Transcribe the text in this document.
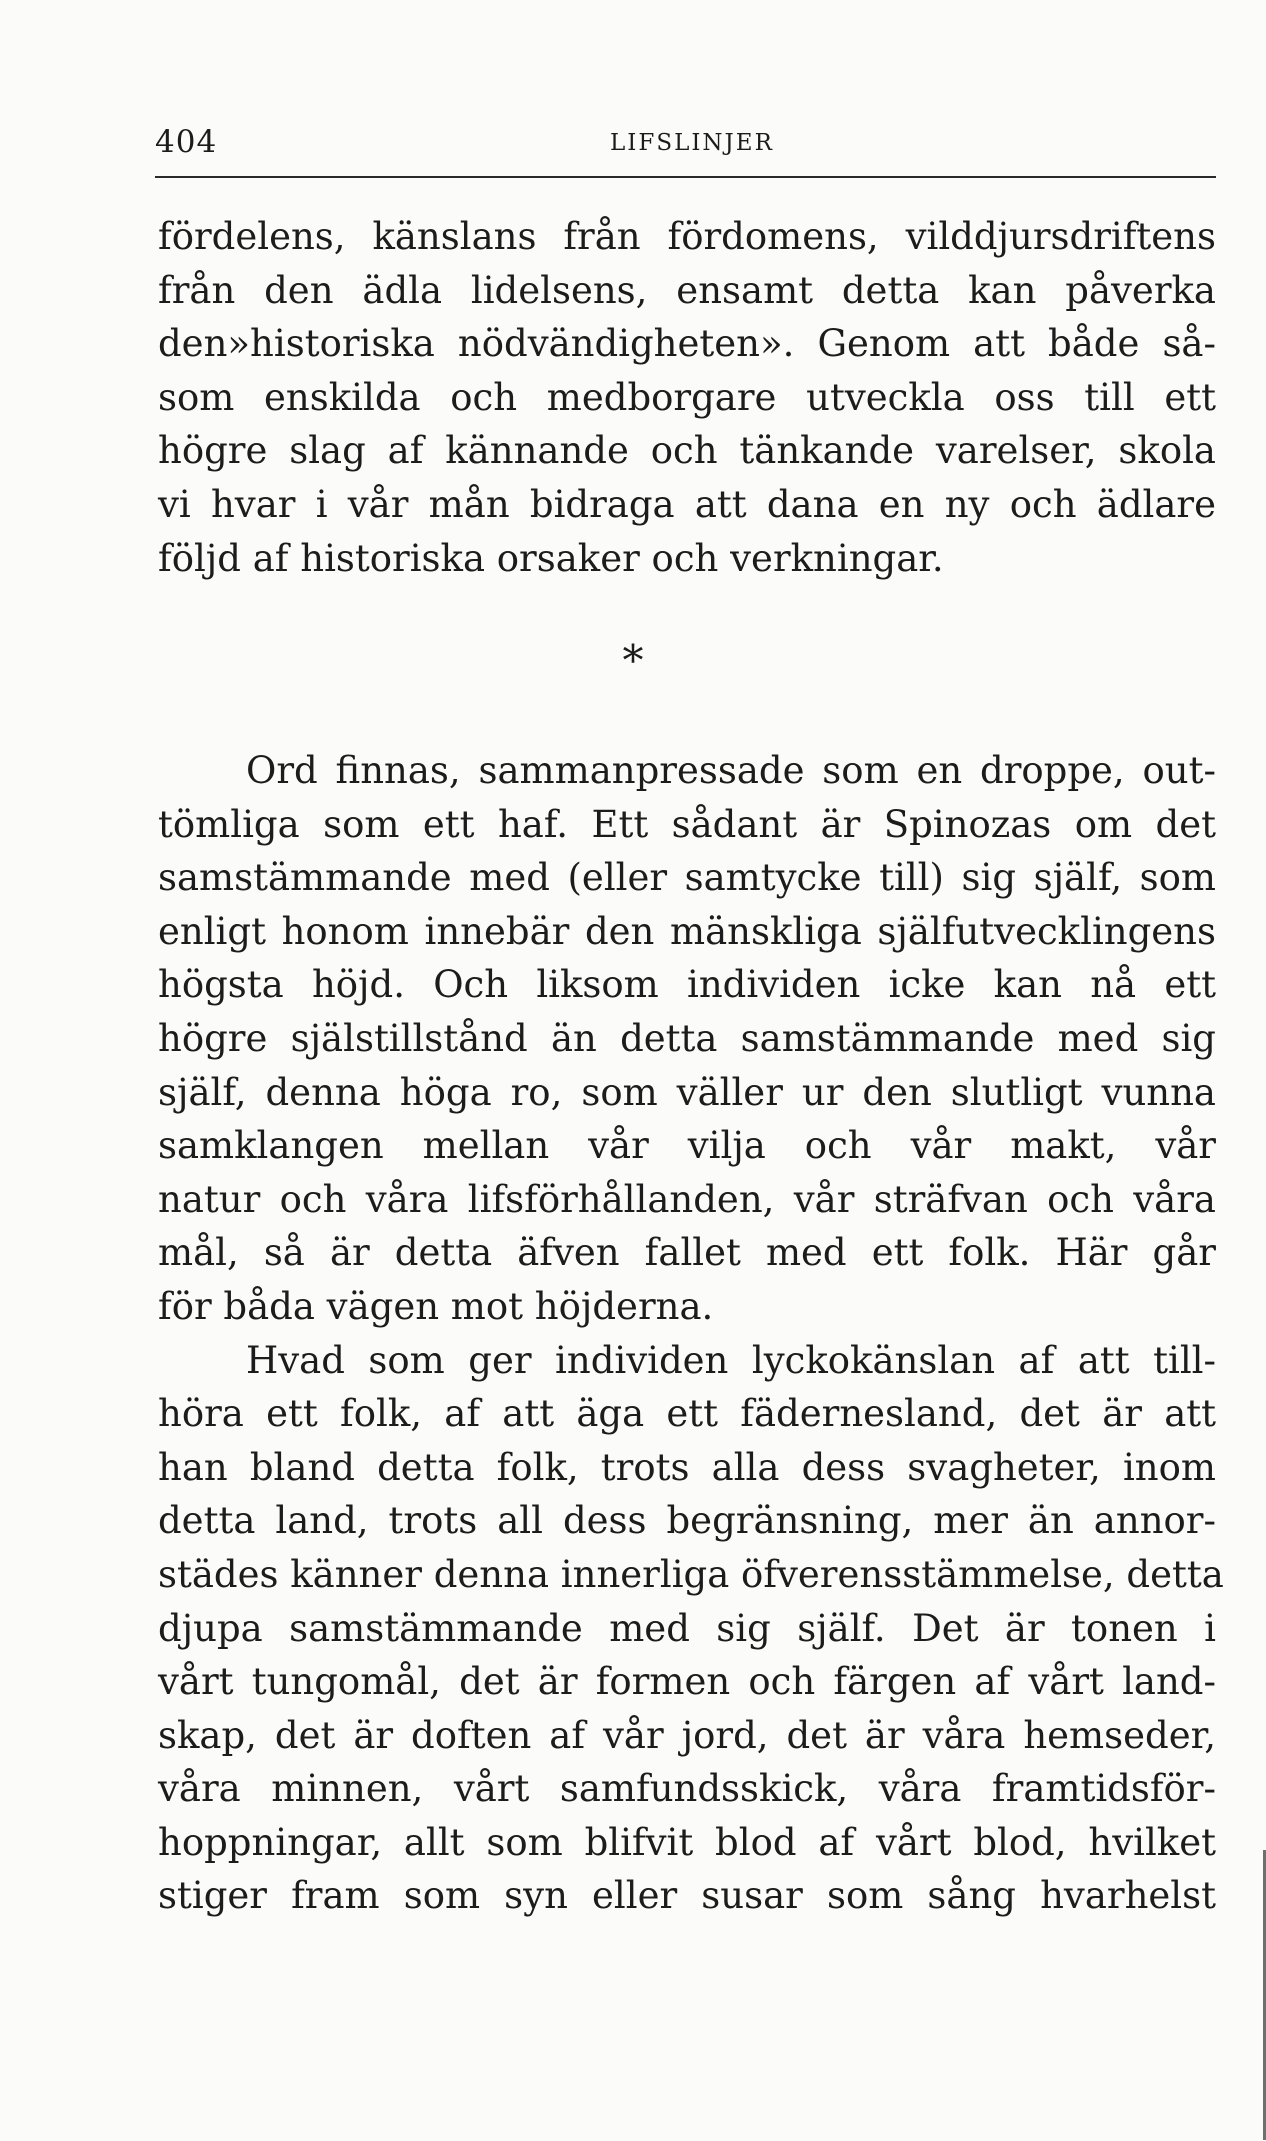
404	LIFSLINJER
fördelens, känslans från fördomens, vilddjursdriftens
från den ädla lidelsens, ensamt detta kan påverka
den»historiska nödvändigheten». Genom att både så-
som enskilda och medborgare utveckla oss till ett
högre slag af kännande och tänkande varelser, skola
vi hvar i vår mån bidraga att dana en ny och ädlare
följd af historiska orsaker och verkningar.
*
Ord finnas, sammanpressade som en droppe, out-
tömliga som ett haf. Ett sådant är Spinozas om det
samstämmande med (eller samtycke till) sig själf, som
enligt honom innebär den mänskliga själfutvecklingens
högsta höjd. Och liksom individen icke kan nå ett
högre själstillstånd än detta samstämmande med sig
själf, denna höga ro, som väller ur den slutligt vunna
samklangen mellan vår vilja och vår makt, vår
natur och våra lifsförhållanden, vår sträfvan och våra
mål, så är detta äfven fallet med ett folk. Här går
för båda vägen mot höjderna.
Hvad som ger individen lyckokänslan af att till-
höra ett folk, af att äga ett fädernesland, det är att
han bland detta folk, trots alla dess svagheter, inom
detta land, trots all dess begränsning, mer än annor-
städes känner denna innerliga öfverensstämmelse, detta
djupa samstämmande med sig själf. Det är tonen i
vårt tungomål, det är formen och färgen af vårt land-
skap, det är doften af vår jord, det är våra hemseder,
våra minnen, vårt samfundsskick, våra framtidsför-
hoppningar, allt som blifvit blod af vårt blod, hvilket
stiger fram som syn eller susar som sång hvarhelst
